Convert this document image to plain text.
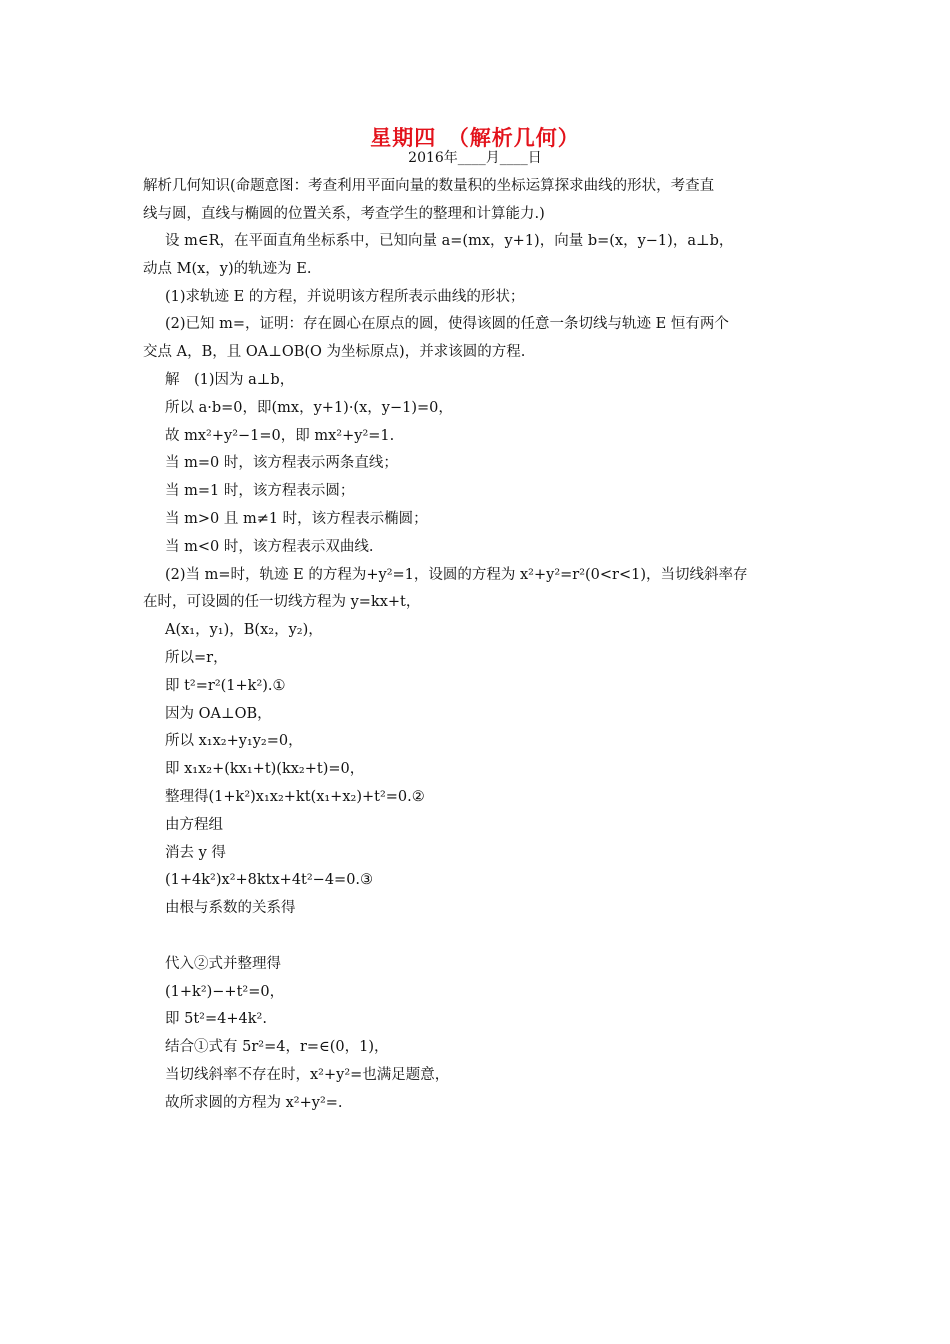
星期四　（解析几何）
2016年____月____日
解析几何知识(命题意图：考查利用平面向量的数量积的坐标运算探求曲线的形状，考查直
线与圆，直线与椭圆的位置关系，考查学生的整理和计算能力.)
设 m∈R，在平面直角坐标系中，已知向量 a=(mx，y+1)，向量 b=(x，y−1)，a⊥b，
动点 M(x，y)的轨迹为 E.
(1)求轨迹 E 的方程，并说明该方程所表示曲线的形状；
(2)已知 m=，证明：存在圆心在原点的圆，使得该圆的任意一条切线与轨迹 E 恒有两个
交点 A，B，且 OA⊥OB(O 为坐标原点)，并求该圆的方程.
解　(1)因为 a⊥b，
所以 a·b=0，即(mx，y+1)·(x，y−1)=0，
故 mx²+y²−1=0，即 mx²+y²=1.
当 m=0 时，该方程表示两条直线；
当 m=1 时，该方程表示圆；
当 m>0 且 m≠1 时，该方程表示椭圆；
当 m<0 时，该方程表示双曲线.
(2)当 m=时，轨迹 E 的方程为+y²=1，设圆的方程为 x²+y²=r²(0<r<1)，当切线斜率存
在时，可设圆的任一切线方程为 y=kx+t，
A(x₁，y₁)，B(x₂，y₂)，
所以=r，
即 t²=r²(1+k²).①
因为 OA⊥OB，
所以 x₁x₂+y₁y₂=0，
即 x₁x₂+(kx₁+t)(kx₂+t)=0，
整理得(1+k²)x₁x₂+kt(x₁+x₂)+t²=0.②
由方程组
消去 y 得
(1+4k²)x²+8ktx+4t²−4=0.③
由根与系数的关系得
代入②式并整理得
(1+k²)−+t²=0，
即 5t²=4+4k².
结合①式有 5r²=4，r=∈(0，1)，
当切线斜率不存在时，x²+y²=也满足题意，
故所求圆的方程为 x²+y²=.
